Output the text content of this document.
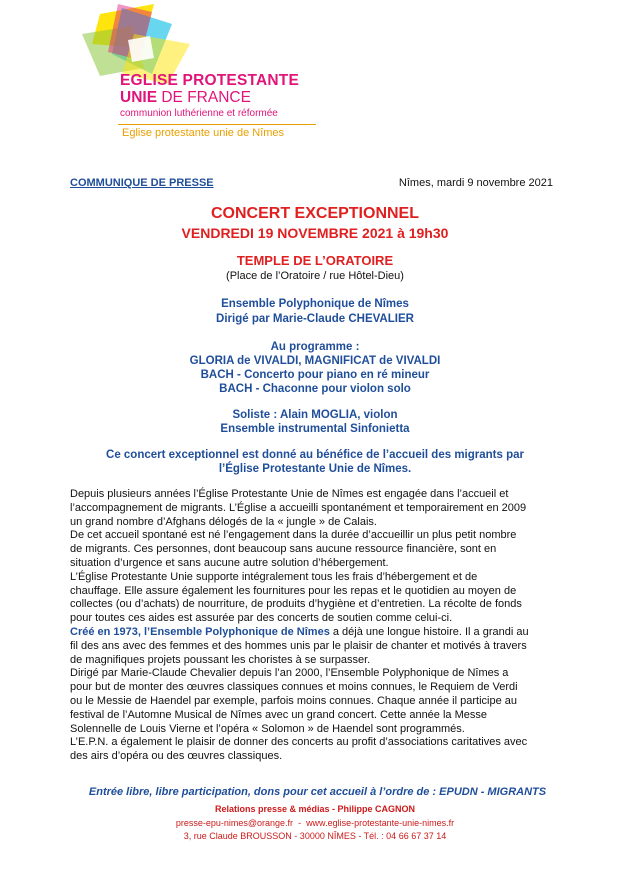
EGLISE PROTESTANTE
UNIE DE FRANCE
communion luthérienne et réformée
Eglise protestante unie de Nîmes
COMMUNIQUE DE PRESSE	Nîmes, mardi 9 novembre 2021
CONCERT EXCEPTIONNEL
VENDREDI 19 NOVEMBRE 2021 à 19h30
TEMPLE DE L’ORATOIRE
(Place de l’Oratoire / rue Hôtel-Dieu)
Ensemble Polyphonique de Nîmes
Dirigé par Marie-Claude CHEVALIER
Au programme :
GLORIA de VIVALDI, MAGNIFICAT de VIVALDI
BACH - Concerto pour piano en ré mineur
BACH - Chaconne pour violon solo
Soliste : Alain MOGLIA, violon
Ensemble instrumental Sinfonietta
Ce concert exceptionnel est donné au bénéfice de l’accueil des migrants par
l’Église Protestante Unie de Nîmes.
Depuis plusieurs années l’Église Protestante Unie de Nîmes est engagée dans l’accueil et
l’accompagnement de migrants. L’Église a accueilli spontanément et temporairement en 2009
un grand nombre d’Afghans délogés de la « jungle » de Calais.
De cet accueil spontané est né l’engagement dans la durée d’accueillir un plus petit nombre
de migrants. Ces personnes, dont beaucoup sans aucune ressource financière, sont en
situation d’urgence et sans aucune autre solution d’hébergement.
L’Église Protestante Unie supporte intégralement tous les frais d’hébergement et de
chauffage. Elle assure également les fournitures pour les repas et le quotidien au moyen de
collectes (ou d’achats) de nourriture, de produits d’hygiène et d’entretien. La récolte de fonds
pour toutes ces aides est assurée par des concerts de soutien comme celui-ci.
Créé en 1973, l’Ensemble Polyphonique de Nîmes a déjà une longue histoire. Il a grandi au
fil des ans avec des femmes et des hommes unis par le plaisir de chanter et motivés à travers
de magnifiques projets poussant les choristes à se surpasser.
Dirigé par Marie-Claude Chevalier depuis l’an 2000, l’Ensemble Polyphonique de Nîmes a
pour but de monter des œuvres classiques connues et moins connues, le Requiem de Verdi
ou le Messie de Haendel par exemple, parfois moins connues. Chaque année il participe au
festival de l’Automne Musical de Nîmes avec un grand concert. Cette année la Messe
Solennelle de Louis Vierne et l’opéra « Solomon » de Haendel sont programmés.
L’E.P.N. a également le plaisir de donner des concerts au profit d’associations caritatives avec
des airs d’opéra ou des œuvres classiques.
Entrée libre, libre participation, dons pour cet accueil à l’ordre de : EPUDN - MIGRANTS
Relations presse & médias - Philippe CAGNON
presse-epu-nimes@orange.fr  -  www.eglise-protestante-unie-nimes.fr
3, rue Claude BROUSSON - 30000 NÎMES - Tél. : 04 66 67 37 14
